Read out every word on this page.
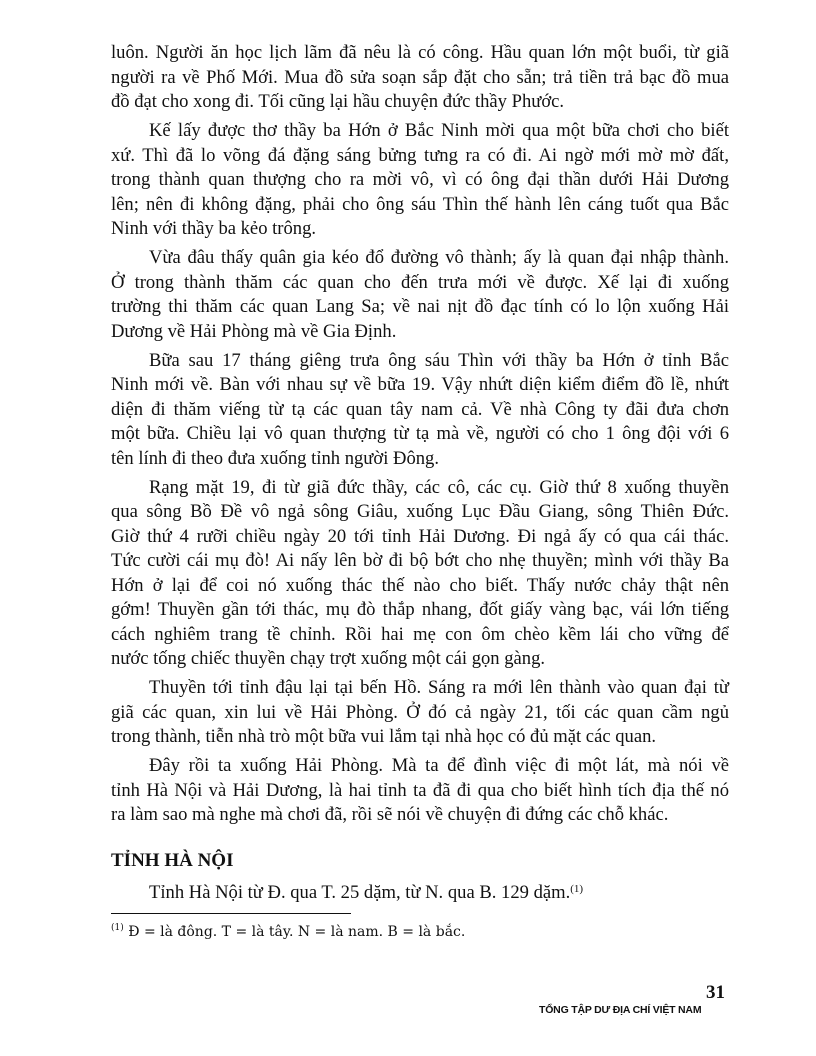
luôn. Người ăn học lịch lãm đã nêu là có công. Hầu quan lớn một buổi, từ giã
người ra về Phố Mới. Mua đồ sửa soạn sắp đặt cho sẵn; trả tiền trả bạc đồ mua
đồ đạt cho xong đi. Tối cũng lại hầu chuyện đức thầy Phước.
Kế lấy được thơ thầy ba Hớn ở Bắc Ninh mời qua một bữa chơi cho biết
xứ. Thì đã lo võng đá đặng sáng bửng tưng ra có đi. Ai ngờ mới mờ mờ đất,
trong thành quan thượng cho ra mời vô, vì có ông đại thần dưới Hải Dương
lên; nên đi không đặng, phải cho ông sáu Thìn thế hành lên cáng tuốt qua Bắc
Ninh với thầy ba kẻo trông.
Vừa đâu thấy quân gia kéo đổ đường vô thành; ấy là quan đại nhập thành.
Ở trong thành thăm các quan cho đến trưa mới về được. Xế lại đi xuống
trường thi thăm các quan Lang Sa; về nai nịt đồ đạc tính có lo lộn xuống Hải
Dương về Hải Phòng mà về Gia Định.
Bữa sau 17 tháng giêng trưa ông sáu Thìn với thầy ba Hớn ở tỉnh Bắc
Ninh mới về. Bàn với nhau sự về bữa 19. Vậy nhứt diện kiểm điểm đồ lề, nhứt
diện đi thăm viếng từ tạ các quan tây nam cả. Về nhà Công ty đãi đưa chơn
một bữa. Chiều lại vô quan thượng từ tạ mà về, người có cho 1 ông đội với 6
tên lính đi theo đưa xuống tỉnh người Đông.
Rạng mặt 19, đi từ giã đức thầy, các cô, các cụ. Giờ thứ 8 xuống thuyền
qua sông Bồ Đề vô ngả sông Giâu, xuống Lục Đầu Giang, sông Thiên Đức.
Giờ thứ 4 rưỡi chiều ngày 20 tới tỉnh Hải Dương. Đi ngả ấy có qua cái thác.
Tức cười cái mụ đò! Ai nấy lên bờ đi bộ bớt cho nhẹ thuyền; mình với thầy Ba
Hớn ở lại để coi nó xuống thác thế nào cho biết. Thấy nước chảy thật nên
gớm! Thuyền gần tới thác, mụ đò thắp nhang, đốt giấy vàng bạc, vái lớn tiếng
cách nghiêm trang tề chỉnh. Rồi hai mẹ con ôm chèo kềm lái cho vững để
nước tống chiếc thuyền chạy trợt xuống một cái gọn gàng.
Thuyền tới tỉnh đậu lại tại bến Hồ. Sáng ra mới lên thành vào quan đại từ
giã các quan, xin lui về Hải Phòng. Ở đó cả ngày 21, tối các quan cầm ngủ
trong thành, tiễn nhà trò một bữa vui lắm tại nhà học có đủ mặt các quan.
Đây rồi ta xuống Hải Phòng. Mà ta để đình việc đi một lát, mà nói về
tỉnh Hà Nội và Hải Dương, là hai tỉnh ta đã đi qua cho biết hình tích địa thế nó
ra làm sao mà nghe mà chơi đã, rồi sẽ nói về chuyện đi đứng các chỗ khác.
TỈNH HÀ NỘI
Tỉnh Hà Nội từ Đ. qua T. 25 dặm, từ N. qua B. 129 dặm.$^{(1)}$
$^{(1)}$ Đ = là đông. T = là tây. N = là nam. B = là bắc.
31
TỔNG TẬP DƯ ĐỊA CHÍ VIỆT NAM
